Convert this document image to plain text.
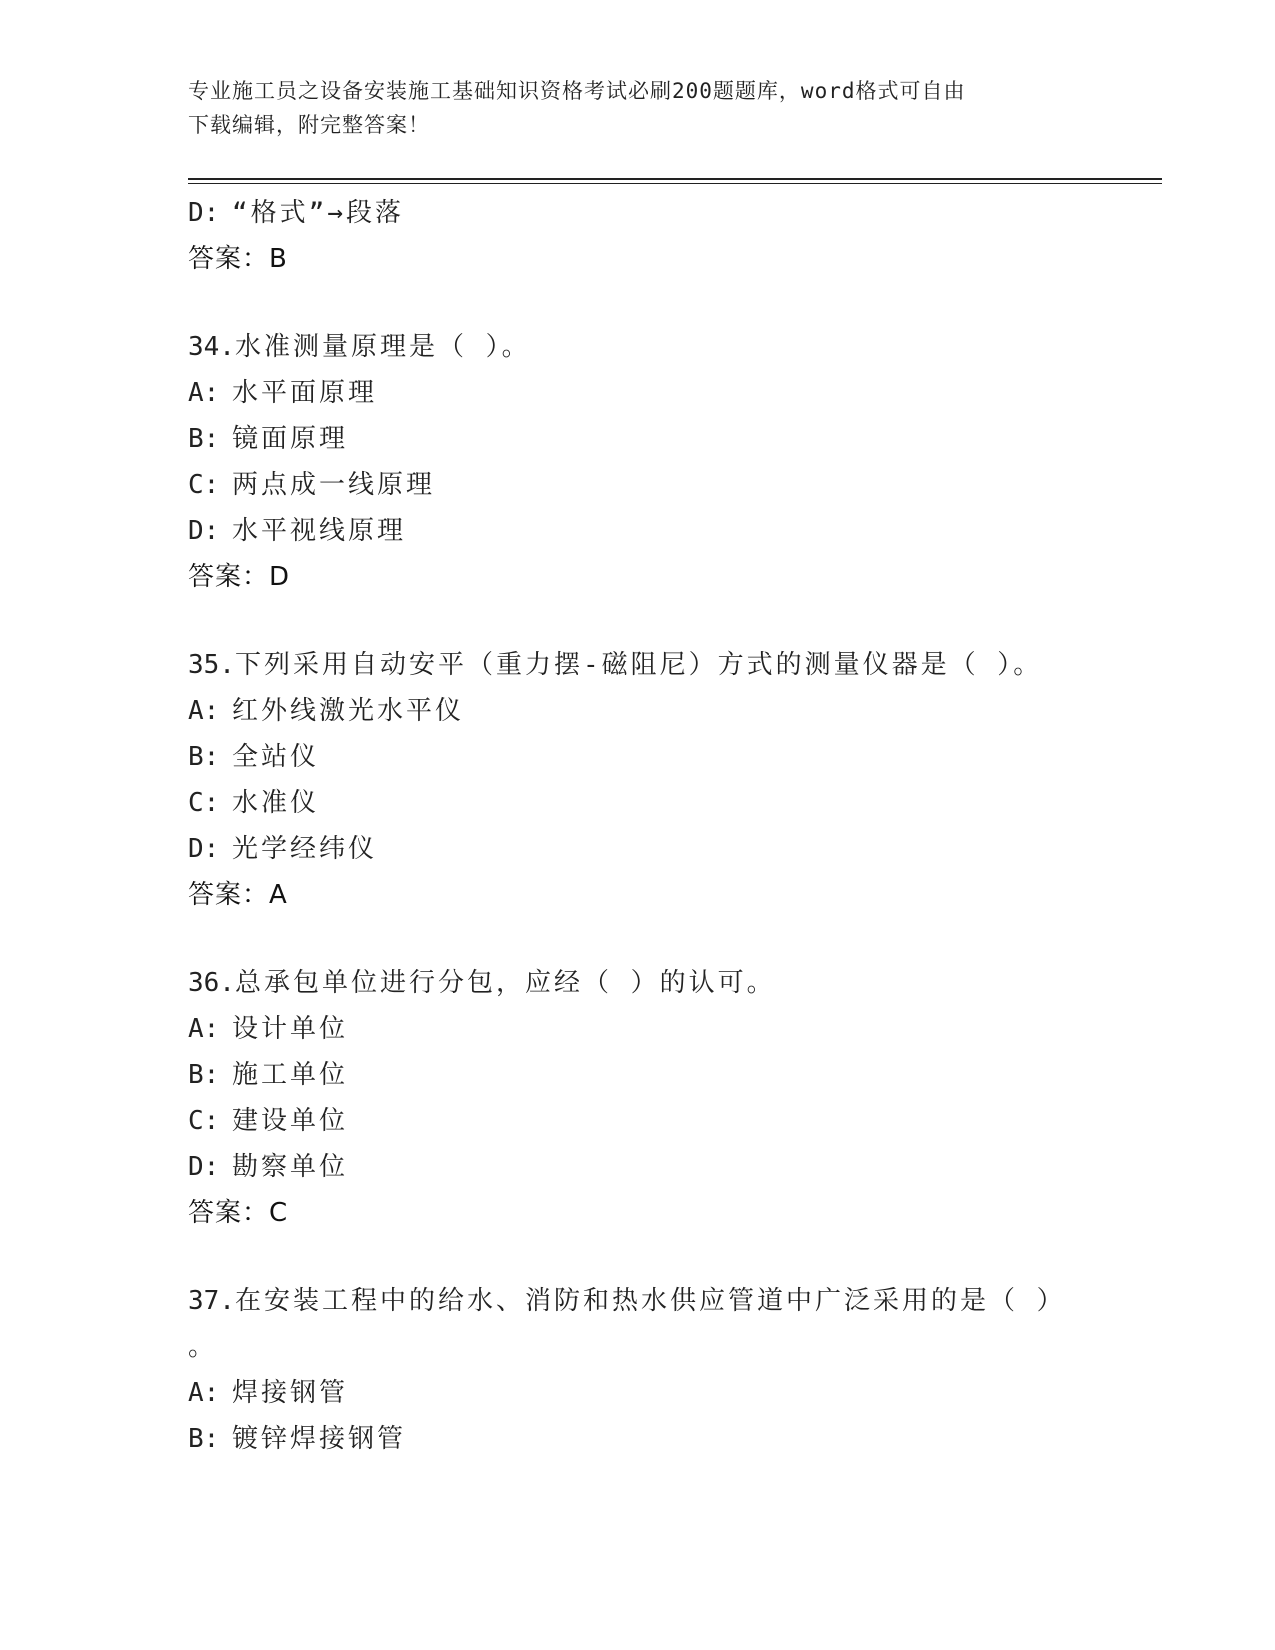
专业施工员之设备安装施工基础知识资格考试必刷200题题库，word格式可自由
下载编辑，附完整答案！
D: “格式”→段落
答案：B
34.水准测量原理是（ ）。
A: 水平面原理
B: 镜面原理
C: 两点成一线原理
D: 水平视线原理
答案：D
35.下列采用自动安平（重力摆-磁阻尼）方式的测量仪器是（ ）。
A: 红外线激光水平仪
B: 全站仪
C: 水准仪
D: 光学经纬仪
答案：A
36.总承包单位进行分包，应经（ ）的认可。
A: 设计单位
B: 施工单位
C: 建设单位
D: 勘察单位
答案：C
37.在安装工程中的给水、消防和热水供应管道中广泛采用的是（ ）
。
A: 焊接钢管
B: 镀锌焊接钢管
